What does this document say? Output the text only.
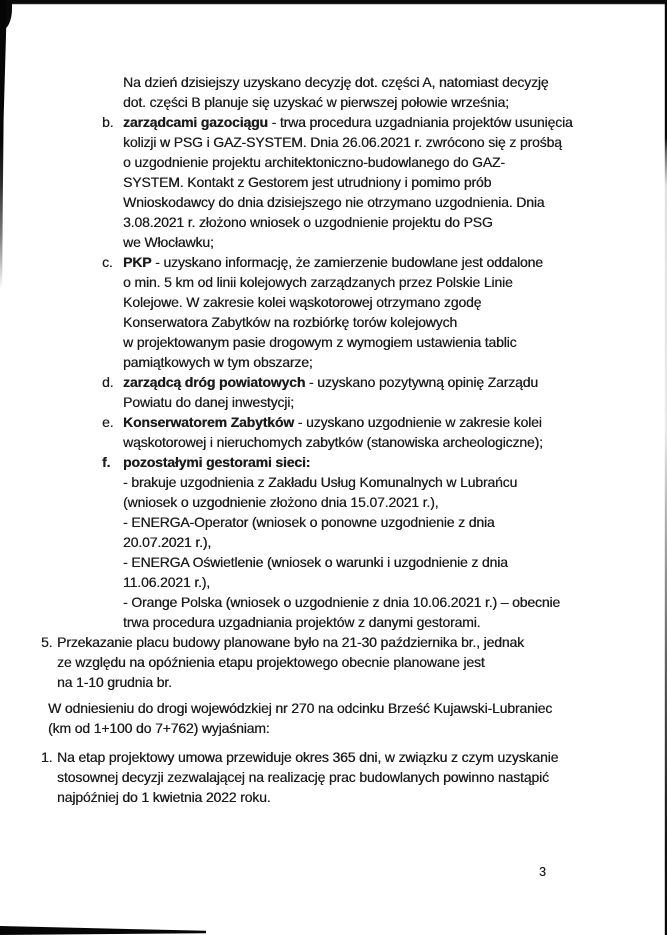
Na dzień dzisiejszy uzyskano decyzję dot. części A, natomiast decyzję
dot. części B planuje się uzyskać w pierwszej połowie września;
b. zarządcami gazociągu - trwa procedura uzgadniania projektów usunięcia
kolizji w PSG i GAZ-SYSTEM. Dnia 26.06.2021 r. zwrócono się z prośbą
o uzgodnienie projektu architektoniczno-budowlanego do GAZ-
SYSTEM. Kontakt z Gestorem jest utrudniony i pomimo prób
Wnioskodawcy do dnia dzisiejszego nie otrzymano uzgodnienia. Dnia
3.08.2021 r. złożono wniosek o uzgodnienie projektu do PSG
we Włocławku;
c. PKP - uzyskano informację, że zamierzenie budowlane jest oddalone
o min. 5 km od linii kolejowych zarządzanych przez Polskie Linie
Kolejowe. W zakresie kolei wąskotorowej otrzymano zgodę
Konserwatora Zabytków na rozbiórkę torów kolejowych
w projektowanym pasie drogowym z wymogiem ustawienia tablic
pamiątkowych w tym obszarze;
d. zarządcą dróg powiatowych - uzyskano pozytywną opinię Zarządu
Powiatu do danej inwestycji;
e. Konserwatorem Zabytków - uzyskano uzgodnienie w zakresie kolei
wąskotorowej i nieruchomych zabytków (stanowiska archeologiczne);
f. pozostałymi gestorami sieci:
- brakuje uzgodnienia z Zakładu Usług Komunalnych w Lubrańcu
(wniosek o uzgodnienie złożono dnia 15.07.2021 r.),
- ENERGA-Operator (wniosek o ponowne uzgodnienie z dnia
20.07.2021 r.),
- ENERGA Oświetlenie (wniosek o warunki i uzgodnienie z dnia
11.06.2021 r.),
- Orange Polska (wniosek o uzgodnienie z dnia 10.06.2021 r.) – obecnie
trwa procedura uzgadniania projektów z danymi gestorami.
5. Przekazanie placu budowy planowane było na 21-30 października br., jednak
ze względu na opóźnienia etapu projektowego obecnie planowane jest
na 1-10 grudnia br.
W odniesieniu do drogi wojewódzkiej nr 270 na odcinku Brześć Kujawski-Lubraniec
(km od 1+100 do 7+762) wyjaśniam:
1. Na etap projektowy umowa przewiduje okres 365 dni, w związku z czym uzyskanie
stosownej decyzji zezwalającej na realizację prac budowlanych powinno nastąpić
najpóźniej do 1 kwietnia 2022 roku.
3
